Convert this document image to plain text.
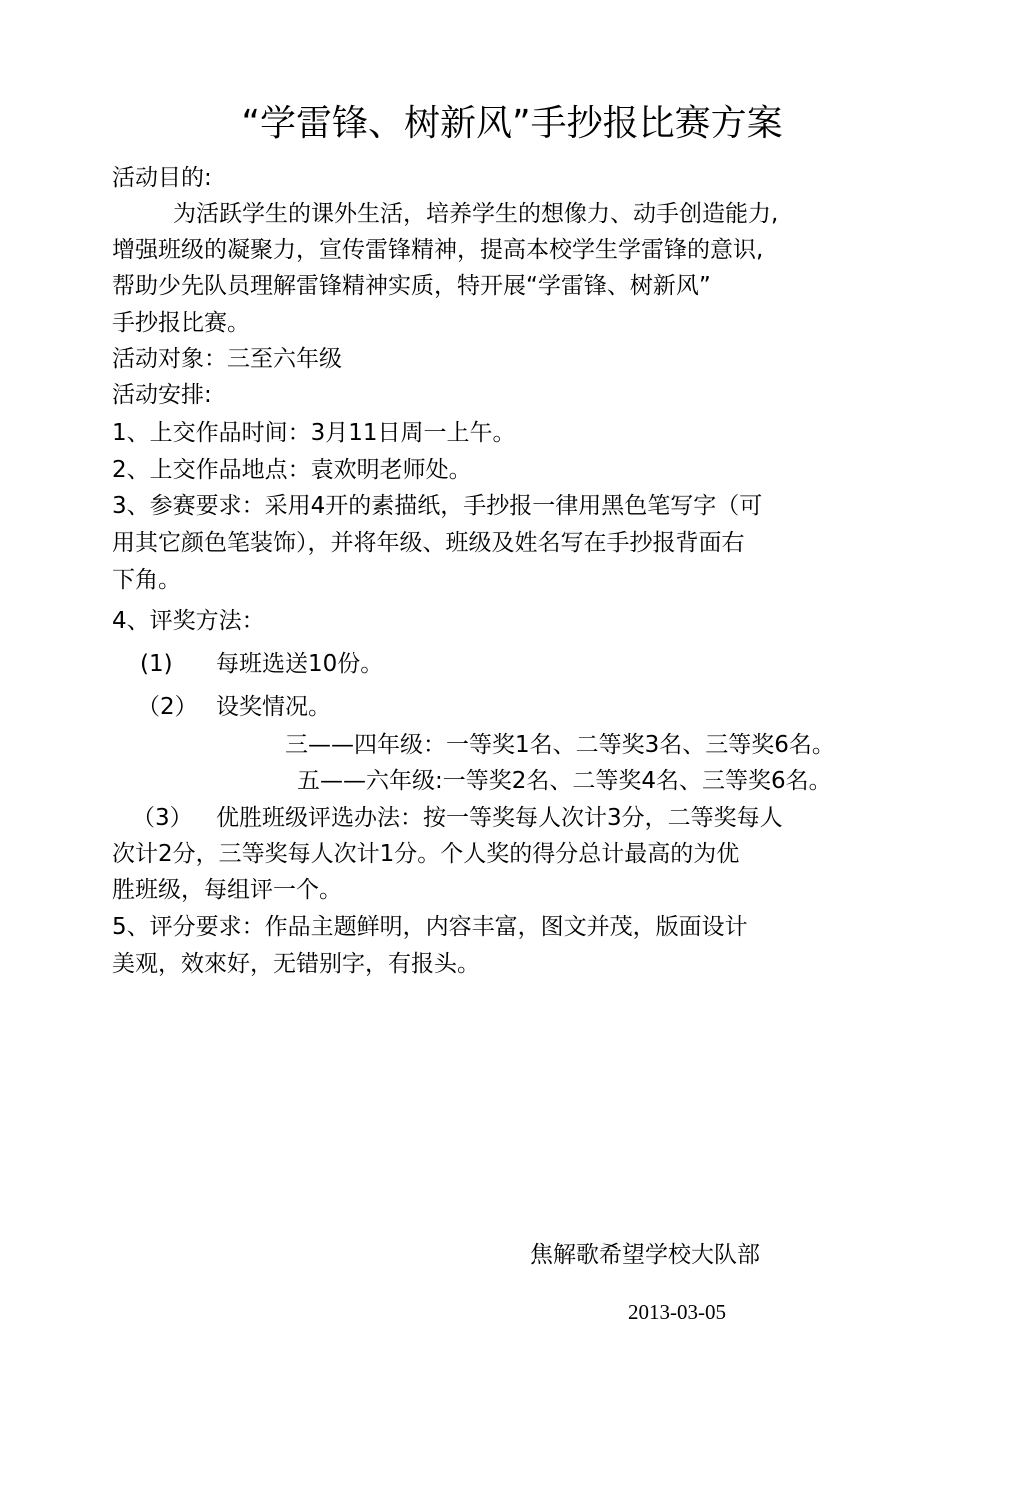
“学雷锋、树新风”手抄报比赛方案
活动目的:
为活跃学生的课外生活，培养学生的想像力、动手创造能力,
增强班级的凝聚力，宣传雷锋精神，提高本校学生学雷锋的意识,
帮助少先队员理解雷锋精神实质，特开展“学雷锋、树新风”
手抄报比赛。
活动对象：三至六年级
活动安排:
1、上交作品时间：3月11日周一上午。
2、上交作品地点：袁欢明老师处。
3、参赛要求：采用4开的素描纸，手抄报一律用黑色笔写字（可
用其它颜色笔装饰），并将年级、班级及姓名写在手抄报背面右
下角。
4、评奖方法：
(1) 每班选送10份。
（2） 设奖情况。
三——四年级：一等奖1名、二等奖3名、三等奖6名。
五——六年级:一等奖2名、二等奖4名、三等奖6名。
（3） 优胜班级评选办法：按一等奖每人次计3分，二等奖每人
次计2分，三等奖每人次计1分。个人奖的得分总计最高的为优
胜班级，每组评一个。
5、评分要求：作品主题鲜明，内容丰富，图文并茂，版面设计
美观，效來好，无错别字，有报头。
焦解歌希望学校大队部
2013-03-05
